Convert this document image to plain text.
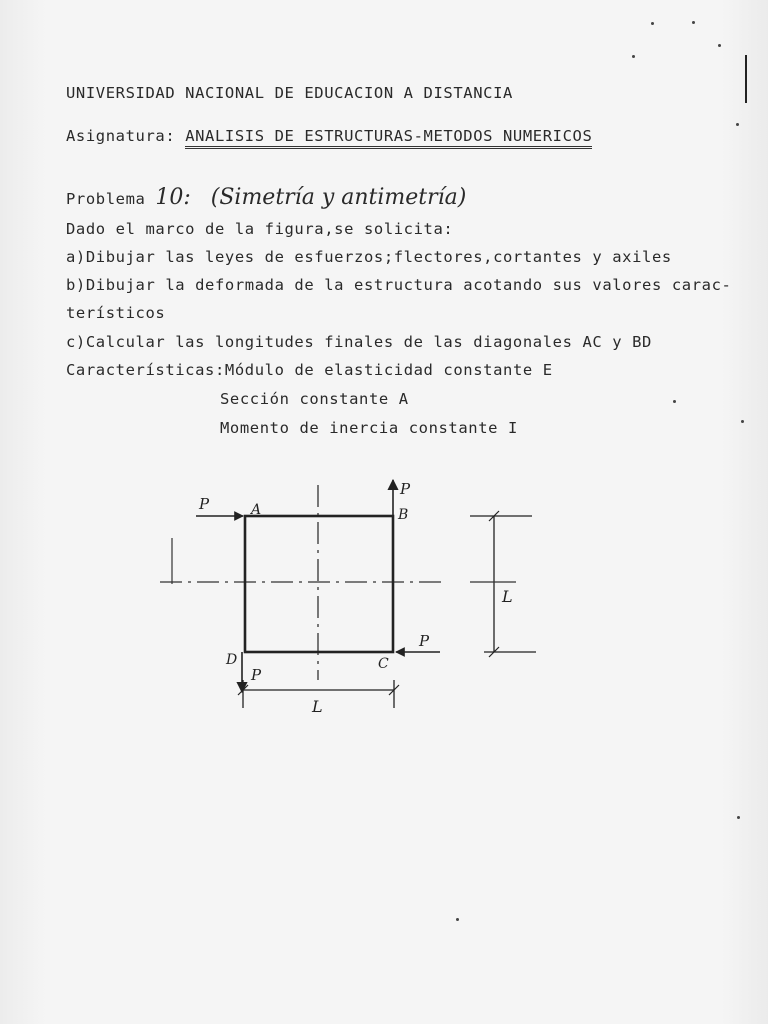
UNIVERSIDAD NACIONAL DE EDUCACION A DISTANCIA
Asignatura: ANALISIS DE ESTRUCTURAS-METODOS NUMERICOS
Problema 10: (Simetría y antimetría)
Dado el marco de la figura,se solicita:
a)Dibujar las leyes de esfuerzos;flectores,cortantes y axiles
b)Dibujar la deformada de la estructura acotando sus valores carac-
terísticos
c)Calcular las longitudes finales de las diagonales AC y BD
Características:Módulo de elasticidad constante E
Sección constante A
Momento de inercia constante I
A	B
C
D
P
P
P
P
L
L
